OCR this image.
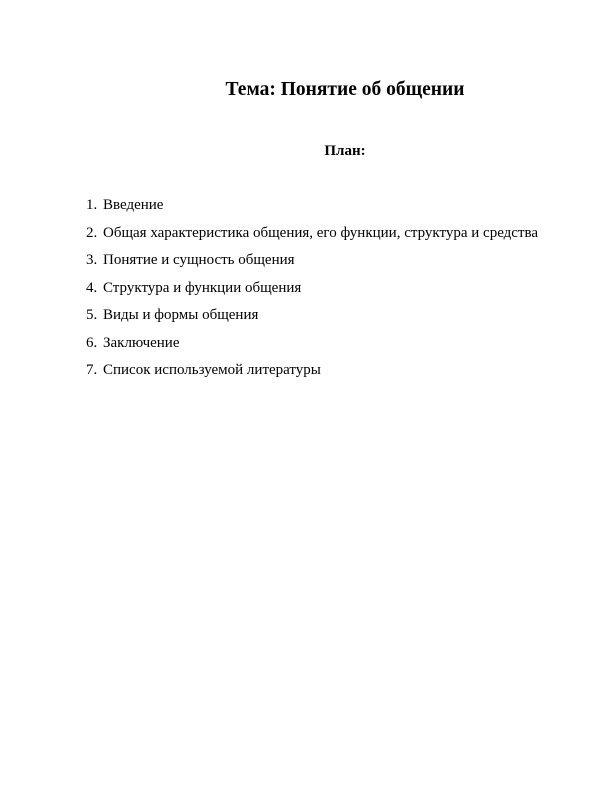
Тема: Понятие об общении
План:
1. Введение
2. Общая характеристика общения, его функции, структура и средства
3. Понятие и сущность общения
4. Структура и функции общения
5. Виды и формы общения
6. Заключение
7. Список используемой литературы
